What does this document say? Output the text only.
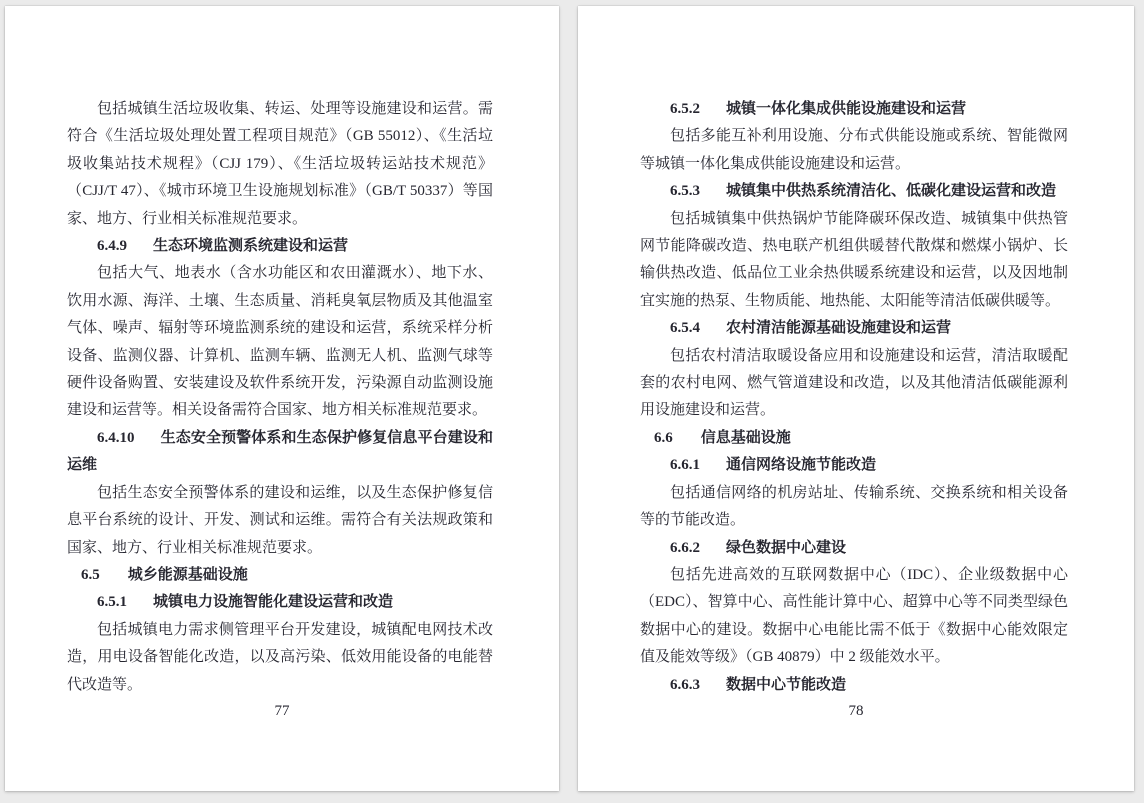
包括城镇生活垃圾收集、转运、处理等设施建设和运营。需符合《生活垃圾处理处置工程项目规范》（GB 55012）、《生活垃圾收集站技术规程》（CJJ 179）、《生活垃圾转运站技术规范》（CJJ/T 47）、《城市环境卫生设施规划标准》（GB/T 50337）等国家、地方、行业相关标准规范要求。

6.4.9 生态环境监测系统建设和运营

包括大气、地表水（含水功能区和农田灌溉水）、地下水、饮用水源、海洋、土壤、生态质量、消耗臭氧层物质及其他温室气体、噪声、辐射等环境监测系统的建设和运营，系统采样分析设备、监测仪器、计算机、监测车辆、监测无人机、监测气球等硬件设备购置、安装建设及软件系统开发，污染源自动监测设施建设和运营等。相关设备需符合国家、地方相关标准规范要求。

6.4.10 生态安全预警体系和生态保护修复信息平台建设和运维

包括生态安全预警体系的建设和运维，以及生态保护修复信息平台系统的设计、开发、测试和运维。需符合有关法规政策和国家、地方、行业相关标准规范要求。

6.5 城乡能源基础设施

6.5.1 城镇电力设施智能化建设运营和改造

包括城镇电力需求侧管理平台开发建设，城镇配电网技术改造，用电设备智能化改造，以及高污染、低效用能设备的电能替代改造等。

77

6.5.2 城镇一体化集成供能设施建设和运营

包括多能互补利用设施、分布式供能设施或系统、智能微网等城镇一体化集成供能设施建设和运营。

6.5.3 城镇集中供热系统清洁化、低碳化建设运营和改造

包括城镇集中供热锅炉节能降碳环保改造、城镇集中供热管网节能降碳改造、热电联产机组供暖替代散煤和燃煤小锅炉、长输供热改造、低品位工业余热供暖系统建设和运营，以及因地制宜实施的热泵、生物质能、地热能、太阳能等清洁低碳供暖等。

6.5.4 农村清洁能源基础设施建设和运营

包括农村清洁取暖设备应用和设施建设和运营，清洁取暖配套的农村电网、燃气管道建设和改造，以及其他清洁低碳能源利用设施建设和运营。

6.6 信息基础设施

6.6.1 通信网络设施节能改造

包括通信网络的机房站址、传输系统、交换系统和相关设备等的节能改造。

6.6.2 绿色数据中心建设

包括先进高效的互联网数据中心（IDC）、企业级数据中心（EDC）、智算中心、高性能计算中心、超算中心等不同类型绿色数据中心的建设。数据中心电能比需不低于《数据中心能效限定值及能效等级》（GB 40879）中 2 级能效水平。

6.6.3 数据中心节能改造

78
